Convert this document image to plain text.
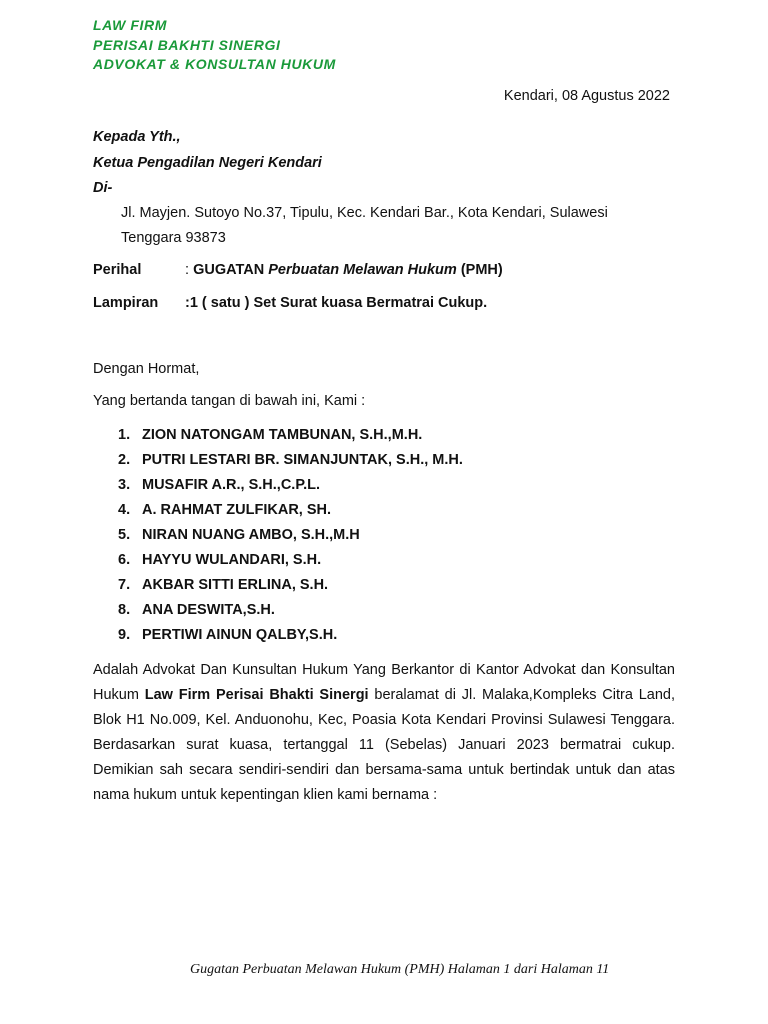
LAW FIRM
PERISAI BAKHTI SINERGI
ADVOKAT & KONSULTAN HUKUM
Kendari, 08 Agustus 2022
Kepada Yth.,
Ketua Pengadilan Negeri Kendari
Di-
Jl. Mayjen. Sutoyo No.37, Tipulu, Kec. Kendari Bar., Kota Kendari, Sulawesi
Tenggara 93873
Perihal	: GUGATAN Perbuatan Melawan Hukum (PMH)
Lampiran :1 ( satu ) Set Surat kuasa Bermatrai Cukup.
Dengan Hormat,
Yang bertanda tangan di bawah ini, Kami :
1. ZION NATONGAM TAMBUNAN, S.H.,M.H.
2. PUTRI LESTARI BR. SIMANJUNTAK, S.H., M.H.
3. MUSAFIR A.R., S.H.,C.P.L.
4. A. RAHMAT ZULFIKAR, SH.
5. NIRAN NUANG AMBO, S.H.,M.H
6. HAYYU WULANDARI, S.H.
7. AKBAR SITTI ERLINA, S.H.
8. ANA DESWITA,S.H.
9. PERTIWI AINUN QALBY,S.H.
Adalah Advokat Dan Kunsultan Hukum Yang Berkantor di Kantor Advokat dan Konsultan Hukum Law Firm Perisai Bhakti Sinergi beralamat di Jl. Malaka,Kompleks Citra Land, Blok H1 No.009, Kel. Anduonohu, Kec, Poasia Kota Kendari Provinsi Sulawesi Tenggara. Berdasarkan surat kuasa, tertanggal 11 (Sebelas) Januari 2023 bermatrai cukup. Demikian sah secara sendiri-sendiri dan bersama-sama untuk bertindak untuk dan atas nama hukum untuk kepentingan klien kami bernama :
Gugatan Perbuatan Melawan Hukum (PMH) Halaman 1 dari Halaman 11
